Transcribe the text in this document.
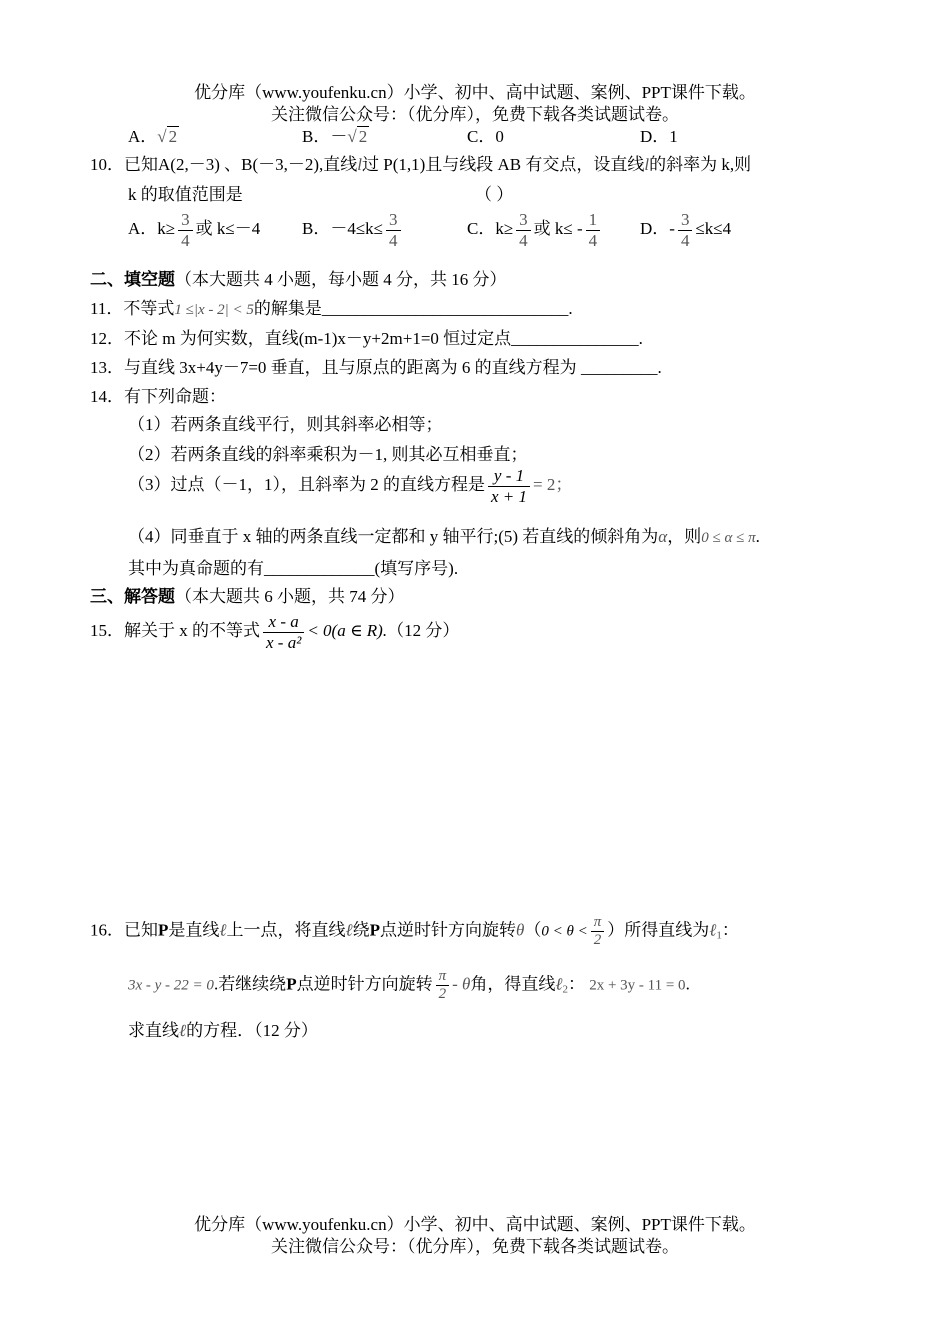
优分库（www.youfenku.cn）小学、初中、高中试题、案例、PPT课件下载。
关注微信公众号：（优分库），免费下载各类试题试卷。
A．√ 2	B．－√ 2	C．0	D．1
10．已知A(2,－3) 、B(－3,－2),直线l过 P(1,1)且与线段 AB 有交点，设直线l的斜率为 k,则
k 的取值范围是	（ ）
A．$k\ge \frac{3}{4}$ 或 k≤－4 B．$-4\le k\le \frac{3}{4}$	C．$k\ge \frac{3}{4}$ 或 $k\le - \frac{1}{4}$ D．- $\frac{3}{4} \le k\le 4$
二、填空题（本大题共 4 小题，每小题 4 分，共 16 分）
11．不等式1 ≤|x - 2| < 5的解集是_____________________________.
12．不论 m 为何实数，直线(m-1)x－y+2m+1=0 恒过定点_______________.
13．与直线 3x+4y－7=0 垂直，且与原点的距离为 6 的直线方程为 _________.
14．有下列命题：
（1）若两条直线平行，则其斜率必相等；
（2）若两条直线的斜率乘积为－1, 则其必互相垂直；
（3）过点（－1，1），且斜率为 2 的直线方程是 $\frac{y - 1}{x + 1} = 2$；
（4）同垂直于 x 轴的两条直线一定都和 y 轴平行;(5) 若直线的倾斜角为α，则0 ≤ α ≤ π.
其中为真命题的有_____________(填写序号).
三、解答题（本大题共 6 小题，共 74 分）
15．解关于 x 的不等式 $\frac{x - a}{\text{x - a²}} < 0(a$ ∈ R).（12 分）
16．已知P是直线ℓ上一点，将直线ℓ绕P点逆时针方向旋转$\theta(0 < \theta < \frac{\pi}{2}$ ）所得直线为ℓ$_1$：
3x - y - 22 = 0.若继续绕P点逆时针方向旋转 $\frac{\pi}{2}$ - θ角，得直线ℓ$_2$： 2x + 3y - 11 = 0.
求直线ℓ的方程．（12 分）
优分库（www.youfenku.cn）小学、初中、高中试题、案例、PPT课件下载。
关注微信公众号：（优分库），免费下载各类试题试卷。
